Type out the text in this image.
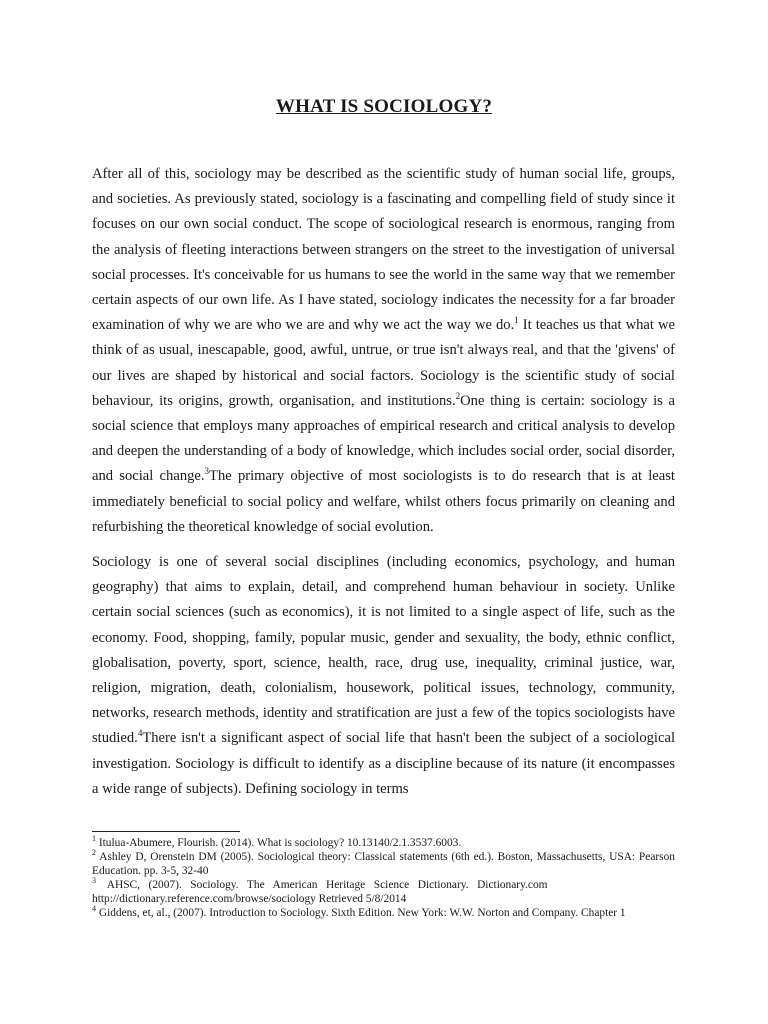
WHAT IS SOCIOLOGY?

After all of this, sociology may be described as the scientific study of human social life, groups, and societies. As previously stated, sociology is a fascinating and compelling field of study since it focuses on our own social conduct. The scope of sociological research is enormous, ranging from the analysis of fleeting interactions between strangers on the street to the investigation of universal social processes. It's conceivable for us humans to see the world in the same way that we remember certain aspects of our own life. As I have stated, sociology indicates the necessity for a far broader examination of why we are who we are and why we act the way we do.$^1$ It teaches us that what we think of as usual, inescapable, good, awful, untrue, or true isn't always real, and that the 'givens' of our lives are shaped by historical and social factors. Sociology is the scientific study of social behaviour, its origins, growth, organisation, and institutions.$^2$One thing is certain: sociology is a social science that employs many approaches of empirical research and critical analysis to develop and deepen the understanding of a body of knowledge, which includes social order, social disorder, and social change.$^3$The primary objective of most sociologists is to do research that is at least immediately beneficial to social policy and welfare, whilst others focus primarily on cleaning and refurbishing the theoretical knowledge of social evolution.

Sociology is one of several social disciplines (including economics, psychology, and human geography) that aims to explain, detail, and comprehend human behaviour in society. Unlike certain social sciences (such as economics), it is not limited to a single aspect of life, such as the economy. Food, shopping, family, popular music, gender and sexuality, the body, ethnic conflict, globalisation, poverty, sport, science, health, race, drug use, inequality, criminal justice, war, religion, migration, death, colonialism, housework, political issues, technology, community, networks, research methods, identity and stratification are just a few of the topics sociologists have studied.$^4$There isn't a significant aspect of social life that hasn't been the subject of a sociological investigation. Sociology is difficult to identify as a discipline because of its nature (it encompasses a wide range of subjects). Defining sociology in terms

$^1$ Itulua-Abumere, Flourish. (2014). What is sociology? 10.13140/2.1.3537.6003.

$^2$ Ashley D, Orenstein DM (2005). Sociological theory: Classical statements (6th ed.). Boston, Massachusetts, USA: Pearson Education. pp. 3-5, 32-40

$^3$    AHSC,   (2007).   Sociology.   The   American   Heritage   Science   Dictionary.   Dictionary.com

http://dictionary.reference.com/browse/sociology Retrieved 5/8/2014

$^4$ Giddens, et, al., (2007). Introduction to Sociology. Sixth Edition. New York: W.W. Norton and Company. Chapter 1
